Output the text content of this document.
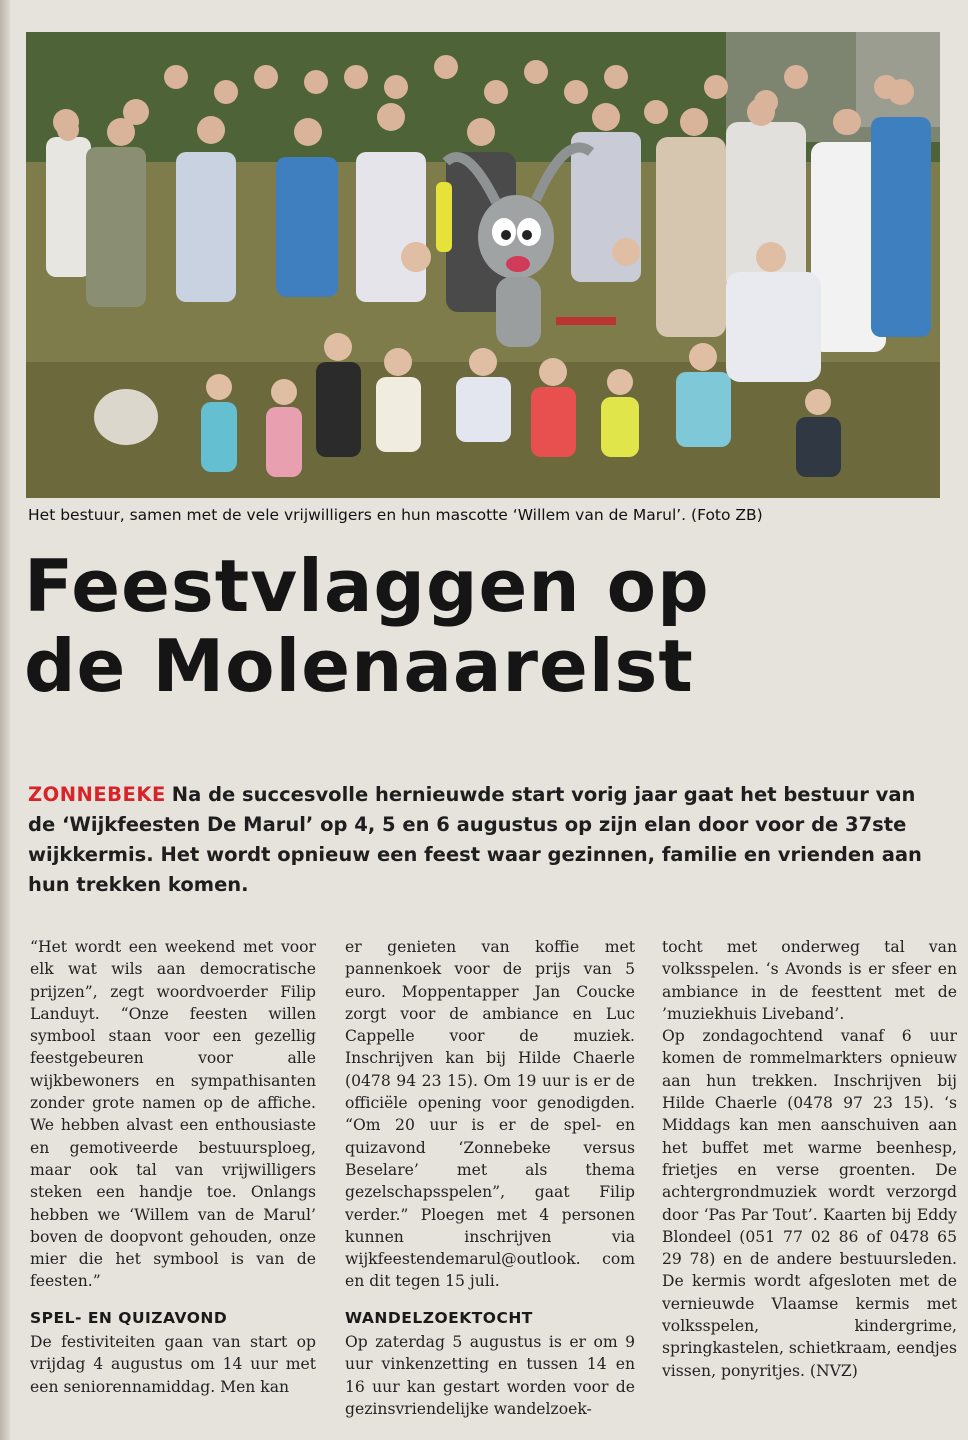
Het bestuur, samen met de vele vrijwilligers en hun mascotte ‘Willem van de Marul’. (Foto ZB)
Feestvlaggen op
de Molenaarelst
ZONNEBEKE Na de succesvolle hernieuwde start vorig jaar gaat het bestuur van de ‘Wijkfeesten De Marul’ op 4, 5 en 6 augustus op zijn elan door voor de 37ste wijkkermis. Het wordt opnieuw een feest waar gezinnen, familie en vrienden aan hun trekken komen.

“Het wordt een weekend met voor elk wat wils aan democratische prijzen”, zegt woordvoerder Filip Landuyt. “Onze feesten willen symbool staan voor een gezellig feestgebeuren voor alle wijkbewoners en sympathisanten zonder grote namen op de affiche. We hebben alvast een enthousiaste en gemotiveerde bestuursploeg, maar ook tal van vrijwilligers steken een handje toe. Onlangs hebben we ‘Willem van de Marul’ boven de doopvont gehouden, onze mier die het symbool is van de feesten.”

SPEL- EN QUIZAVOND

De festiviteiten gaan van start op vrijdag 4 augustus om 14 uur met een seniorennamiddag. Men kan

er genieten van koffie met pannenkoek voor de prijs van 5 euro. Moppentapper Jan Coucke zorgt voor de ambiance en Luc Cappelle voor de muziek. Inschrijven kan bij Hilde Chaerle (0478 94 23 15). Om 19 uur is er de officiële opening voor genodigden. “Om 20 uur is er de spel- en quizavond ‘Zonnebeke versus Beselare’ met als thema gezelschapsspelen”, gaat Filip verder.” Ploegen met 4 personen kunnen inschrijven via wijkfeestendemarul@outlook. com en dit tegen 15 juli.

WANDELZOEKTOCHT

Op zaterdag 5 augustus is er om 9 uur vinkenzetting en tussen 14 en 16 uur kan gestart worden voor de gezinsvriendelijke wandelzoek-

tocht met onderweg tal van volksspelen. ‘s Avonds is er sfeer en ambiance in de feesttent met de ’muziekhuis Liveband’.

Op zondagochtend vanaf 6 uur komen de rommelmarkters opnieuw aan hun trekken. Inschrijven bij Hilde Chaerle (0478 97 23 15). ‘s Middags kan men aanschuiven aan het buffet met warme beenhesp, frietjes en verse groenten. De achtergrondmuziek wordt verzorgd door ‘Pas Par Tout’. Kaarten bij Eddy Blondeel (051 77 02 86 of 0478 65 29 78) en de andere bestuursleden. De kermis wordt afgesloten met de vernieuwde Vlaamse kermis met volksspelen, kindergrime, springkastelen, schietkraam, eendjes vissen, ponyritjes. (NVZ)
